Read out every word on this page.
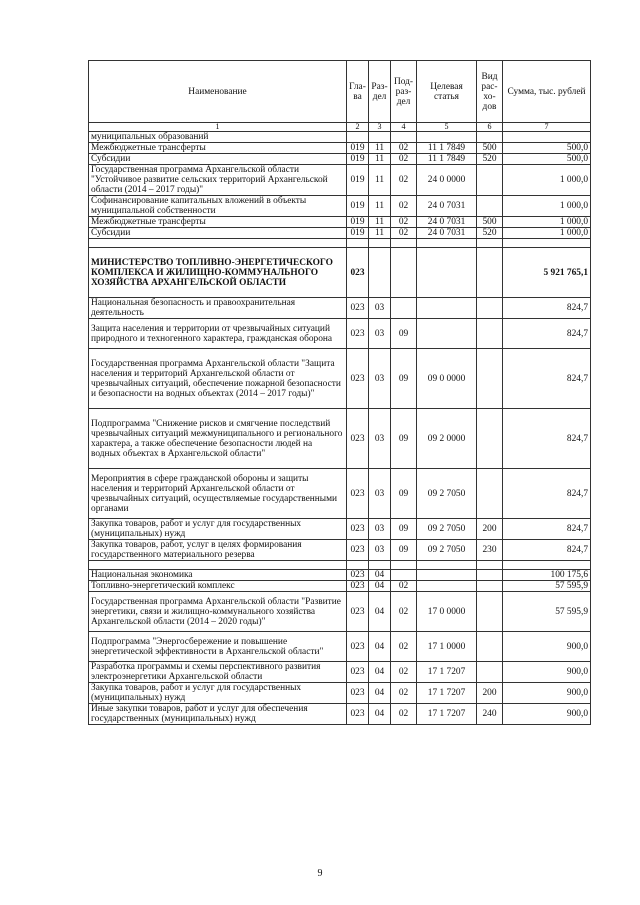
Наименование	Гла-ва	Раз-дел	Под-раз-дел	Целевая статья	Вид рас-хо-дов	Сумма, тыс. рублей
1	2	3	4	5	6	7
муниципальных образований						
Межбюджетные трансферты	019	11	02	11 1 7849	500	500,0
Субсидии	019	11	02	11 1 7849	520	500,0
Государственная программа Архангельской области "Устойчивое развитие сельских территорий Архангельской области (2014 – 2017 годы)"	019	11	02	24 0 0000		1 000,0
Софинансирование капитальных вложений в объекты муниципальной собственности	019	11	02	24 0 7031		1 000,0
Межбюджетные трансферты	019	11	02	24 0 7031	500	1 000,0
Субсидии	019	11	02	24 0 7031	520	1 000,0

МИНИСТЕРСТВО ТОПЛИВНО-ЭНЕРГЕТИЧЕСКОГО КОМПЛЕКСА И ЖИЛИЩНО-КОММУНАЛЬНОГО ХОЗЯЙСТВА АРХАНГЕЛЬСКОЙ ОБЛАСТИ	023					5 921 765,1
Национальная безопасность и правоохранительная деятельность	023	03				824,7
Защита населения и территории от чрезвычайных ситуаций природного и техногенного характера, гражданская оборона	023	03	09			824,7
Государственная программа Архангельской области "Защита населения и территорий Архангельской области от чрезвычайных ситуаций, обеспечение пожарной безопасности и безопасности на водных объектах (2014 – 2017 годы)"	023	03	09	09 0 0000		824,7
Подпрограмма "Снижение рисков и смягчение последствий чрезвычайных ситуаций межмуниципального и регионального характера, а также обеспечение безопасности людей на водных объектах в Архангельской области"	023	03	09	09 2 0000		824,7
Мероприятия в сфере гражданской обороны и защиты населения и территорий Архангельской области от чрезвычайных ситуаций, осуществляемые государственными органами	023	03	09	09 2 7050		824,7
Закупка товаров, работ и услуг для государственных (муниципальных) нужд	023	03	09	09 2 7050	200	824,7
Закупка товаров, работ, услуг в целях формирования государственного материального резерва	023	03	09	09 2 7050	230	824,7

Национальная экономика	023	04				100 175,6
Топливно-энергетический комплекс	023	04	02			57 595,9
Государственная программа Архангельской области "Развитие энергетики, связи и жилищно-коммунального хозяйства Архангельской области (2014 – 2020 годы)"	023	04	02	17 0 0000		57 595,9
Подпрограмма "Энергосбережение и повышение энергетической эффективности в Архангельской области"	023	04	02	17 1 0000		900,0
Разработка программы и схемы перспективного развития электроэнергетики Архангельской области	023	04	02	17 1 7207		900,0
Закупка товаров, работ и услуг для государственных (муниципальных) нужд	023	04	02	17 1 7207	200	900,0
Иные закупки товаров, работ и услуг для обеспечения государственных (муниципальных) нужд	023	04	02	17 1 7207	240	900,0
9
